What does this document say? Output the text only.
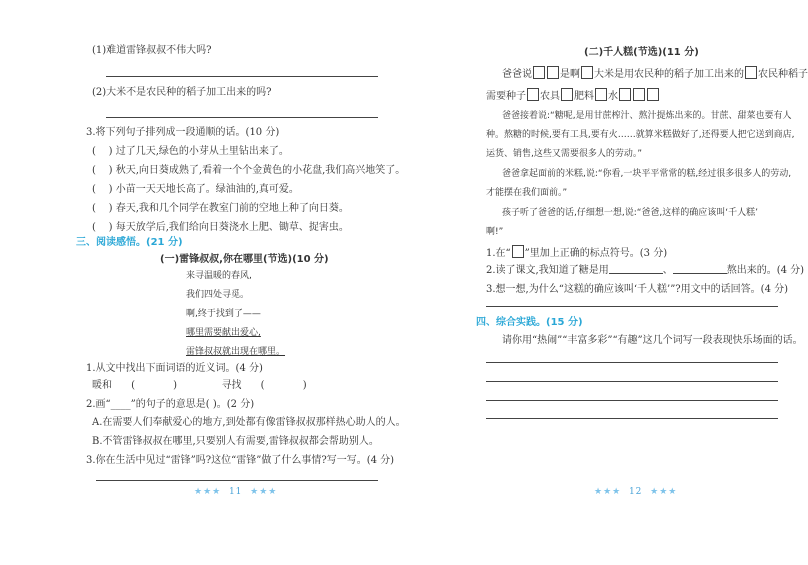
(1)难道雷锋叔叔不伟大吗?
(2)大米不是农民种的稻子加工出来的吗?
3.将下列句子排列成一段通顺的话。(10 分)
( ) 过了几天,绿色的小芽从土里钻出来了。
( ) 秋天,向日葵成熟了,看着一个个金黄色的小花盘,我们高兴地笑了。
( ) 小苗一天天地长高了。绿油油的,真可爱。
( ) 春天,我和几个同学在教室门前的空地上种了向日葵。
( ) 每天放学后,我们给向日葵浇水上肥、锄草、捉害虫。
三、阅读感悟。(21 分)
(一)雷锋叔叔,你在哪里(节选)(10 分)
来寻温暖的春风,
我们四处寻觅。
啊,终于找到了——
哪里需要献出爱心,
雷锋叔叔就出现在哪里。
1.从文中找出下面词语的近义词。(4 分)
暖和 (	)	寻找 (	)
2.画“____”的句子的意思是( )。(2 分)
A.在需要人们奉献爱心的地方,到处都有像雷锋叔叔那样热心助人的人。
B.不管雷锋叔叔在哪里,只要别人有需要,雷锋叔叔都会帮助别人。
3.你在生活中见过“雷锋”吗?这位“雷锋”做了什么事情?写一写。(4 分)
★★★ 11 ★★★
(二)千人糕(节选)(11 分)
爸爸说	是啊 大米是用农民种的稻子加工出来的 农民种稻子
需要种子 农具 肥料 水
爸爸接着说:“糖呢,是用甘蔗榨汁、熬汁提炼出来的。甘蔗、甜菜也要有人
种。熬糖的时候,要有工具,要有火……就算米糕做好了,还得要人把它送到商店,
运货、销售,这些又需要很多人的劳动。”
爸爸拿起面前的米糕,说:“你看,一块平平常常的糕,经过很多很多人的劳动,
才能摆在我们面前。”
孩子听了爸爸的话,仔细想一想,说:“爸爸,这样的确应该叫‘千人糕’
啊!”
1.在“ ”里加上正确的标点符号。(3 分)
2.读了课文,我知道了糖是用	、	熬出来的。(4 分)
3.想一想,为什么“这糕的确应该叫‘千人糕’”?用文中的话回答。(4 分)
四、综合实践。(15 分)
请你用“热闹”“丰富多彩”“有趣”这几个词写一段表现快乐场面的话。
★★★ 12 ★★★
